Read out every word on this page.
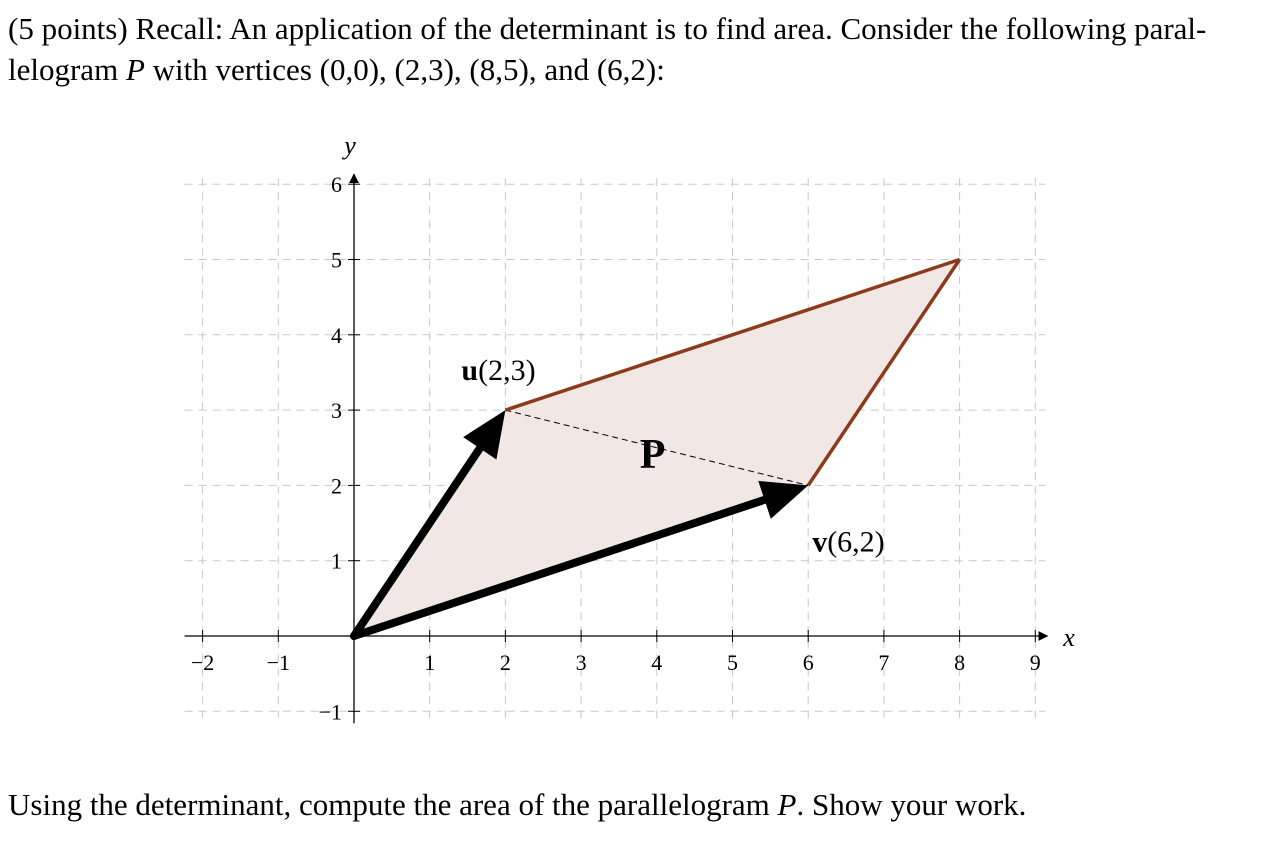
(5 points) Recall: An application of the determinant is to find area. Consider the following paral-
lelogram P with vertices (0,0), (2,3), (8,5), and (6,2):

−2 −1	1	2	3	4	5	6	7	8	9
−1
1
2
3
4
5
6
u(2,3)
v(6,2)
P
x
y

Using the determinant, compute the area of the parallelogram P. Show your work.
